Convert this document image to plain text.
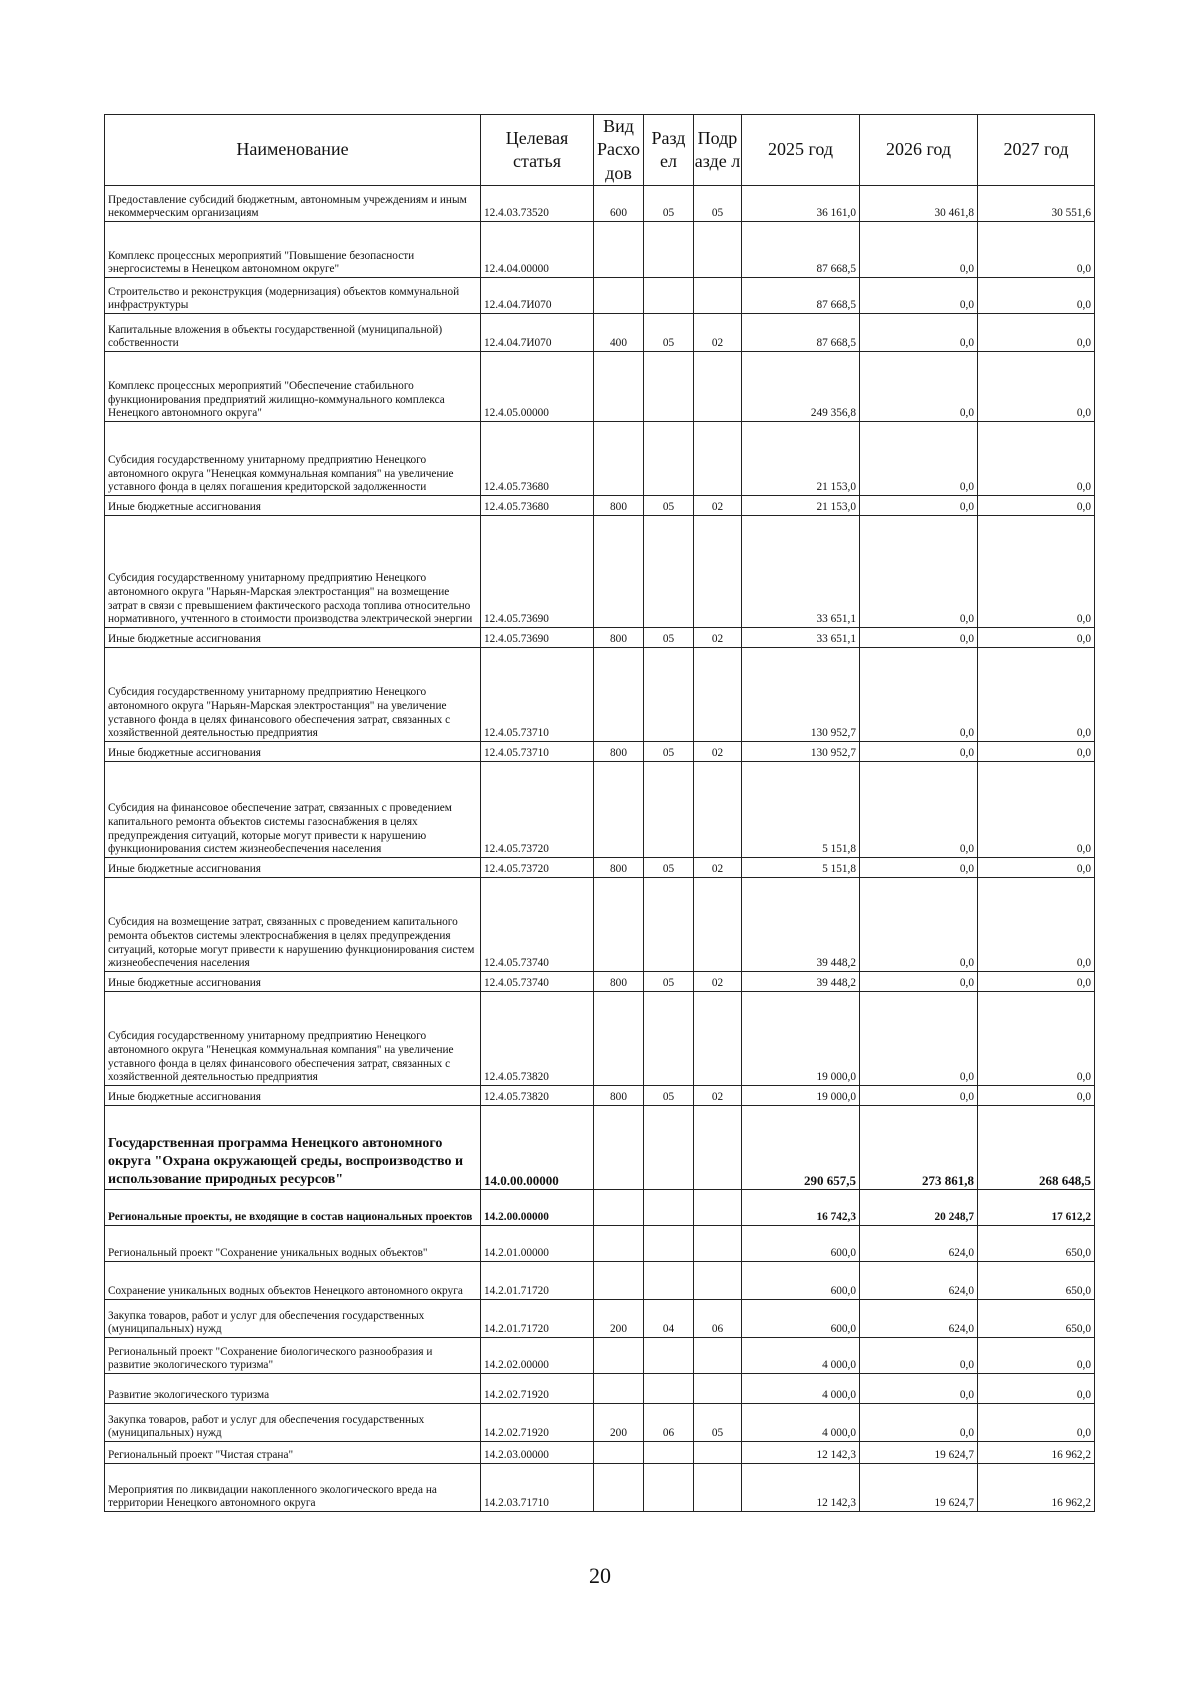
Наименование	Целевая статья	Вид Расхо дов	Разд ел	Подр азде л	2025 год	2026 год	2027 год
Предоставление субсидий бюджетным, автономным учреждениям и иным некоммерческим организациям	12.4.03.73520	600	05	05	36 161,0	30 461,8	30 551,6
Комплекс процессных мероприятий "Повышение безопасности энергосистемы в Ненецком автономном округе"	12.4.04.00000				87 668,5	0,0	0,0
Строительство и реконструкция (модернизация) объектов коммунальной инфраструктуры	12.4.04.7И070				87 668,5	0,0	0,0
Капитальные вложения в объекты государственной (муниципальной) собственности	12.4.04.7И070	400	05	02	87 668,5	0,0	0,0
Комплекс процессных мероприятий "Обеспечение стабильного функционирования предприятий жилищно-коммунального комплекса Ненецкого автономного округа"	12.4.05.00000				249 356,8	0,0	0,0
Субсидия государственному унитарному предприятию Ненецкого автономного округа "Ненецкая коммунальная компания" на увеличение уставного фонда в целях погашения кредиторской задолженности	12.4.05.73680				21 153,0	0,0	0,0
Иные бюджетные ассигнования	12.4.05.73680	800	05	02	21 153,0	0,0	0,0
Субсидия государственному унитарному предприятию Ненецкого автономного округа "Нарьян-Марская электростанция" на возмещение затрат в связи с превышением фактического расхода топлива относительно нормативного, учтенного в стоимости производства электрической энергии	12.4.05.73690				33 651,1	0,0	0,0
Иные бюджетные ассигнования	12.4.05.73690	800	05	02	33 651,1	0,0	0,0
Субсидия государственному унитарному предприятию Ненецкого автономного округа "Нарьян-Марская электростанция" на увеличение уставного фонда в целях финансового обеспечения затрат, связанных с хозяйственной деятельностью предприятия	12.4.05.73710				130 952,7	0,0	0,0
Иные бюджетные ассигнования	12.4.05.73710	800	05	02	130 952,7	0,0	0,0
Субсидия на финансовое обеспечение затрат, связанных с проведением капитального ремонта объектов системы газоснабжения в целях предупреждения ситуаций, которые могут привести к нарушению функционирования систем жизнеобеспечения населения	12.4.05.73720				5 151,8	0,0	0,0
Иные бюджетные ассигнования	12.4.05.73720	800	05	02	5 151,8	0,0	0,0
Субсидия на возмещение затрат, связанных с проведением капитального ремонта объектов системы электроснабжения в целях предупреждения ситуаций, которые могут привести к нарушению функционирования систем жизнеобеспечения населения	12.4.05.73740				39 448,2	0,0	0,0
Иные бюджетные ассигнования	12.4.05.73740	800	05	02	39 448,2	0,0	0,0
Субсидия государственному унитарному предприятию Ненецкого автономного округа "Ненецкая коммунальная компания" на увеличение уставного фонда в целях финансового обеспечения затрат, связанных с хозяйственной деятельностью предприятия	12.4.05.73820				19 000,0	0,0	0,0
Иные бюджетные ассигнования	12.4.05.73820	800	05	02	19 000,0	0,0	0,0
Государственная программа Ненецкого автономного округа "Охрана окружающей среды, воспроизводство и использование природных ресурсов"	14.0.00.00000				290 657,5	273 861,8	268 648,5
Региональные проекты, не входящие в состав национальных проектов	14.2.00.00000				16 742,3	20 248,7	17 612,2
Региональный проект "Сохранение уникальных водных объектов"	14.2.01.00000				600,0	624,0	650,0
Сохранение уникальных водных объектов Ненецкого автономного округа	14.2.01.71720				600,0	624,0	650,0
Закупка товаров, работ и услуг для обеспечения государственных (муниципальных) нужд	14.2.01.71720	200	04	06	600,0	624,0	650,0
Региональный проект "Сохранение биологического разнообразия и развитие экологического туризма"	14.2.02.00000				4 000,0	0,0	0,0
Развитие экологического туризма	14.2.02.71920				4 000,0	0,0	0,0
Закупка товаров, работ и услуг для обеспечения государственных (муниципальных) нужд	14.2.02.71920	200	06	05	4 000,0	0,0	0,0
Региональный проект "Чистая страна"	14.2.03.00000				12 142,3	19 624,7	16 962,2
Мероприятия по ликвидации накопленного экологического вреда на территории Ненецкого автономного округа	14.2.03.71710				12 142,3	19 624,7	16 962,2
20
